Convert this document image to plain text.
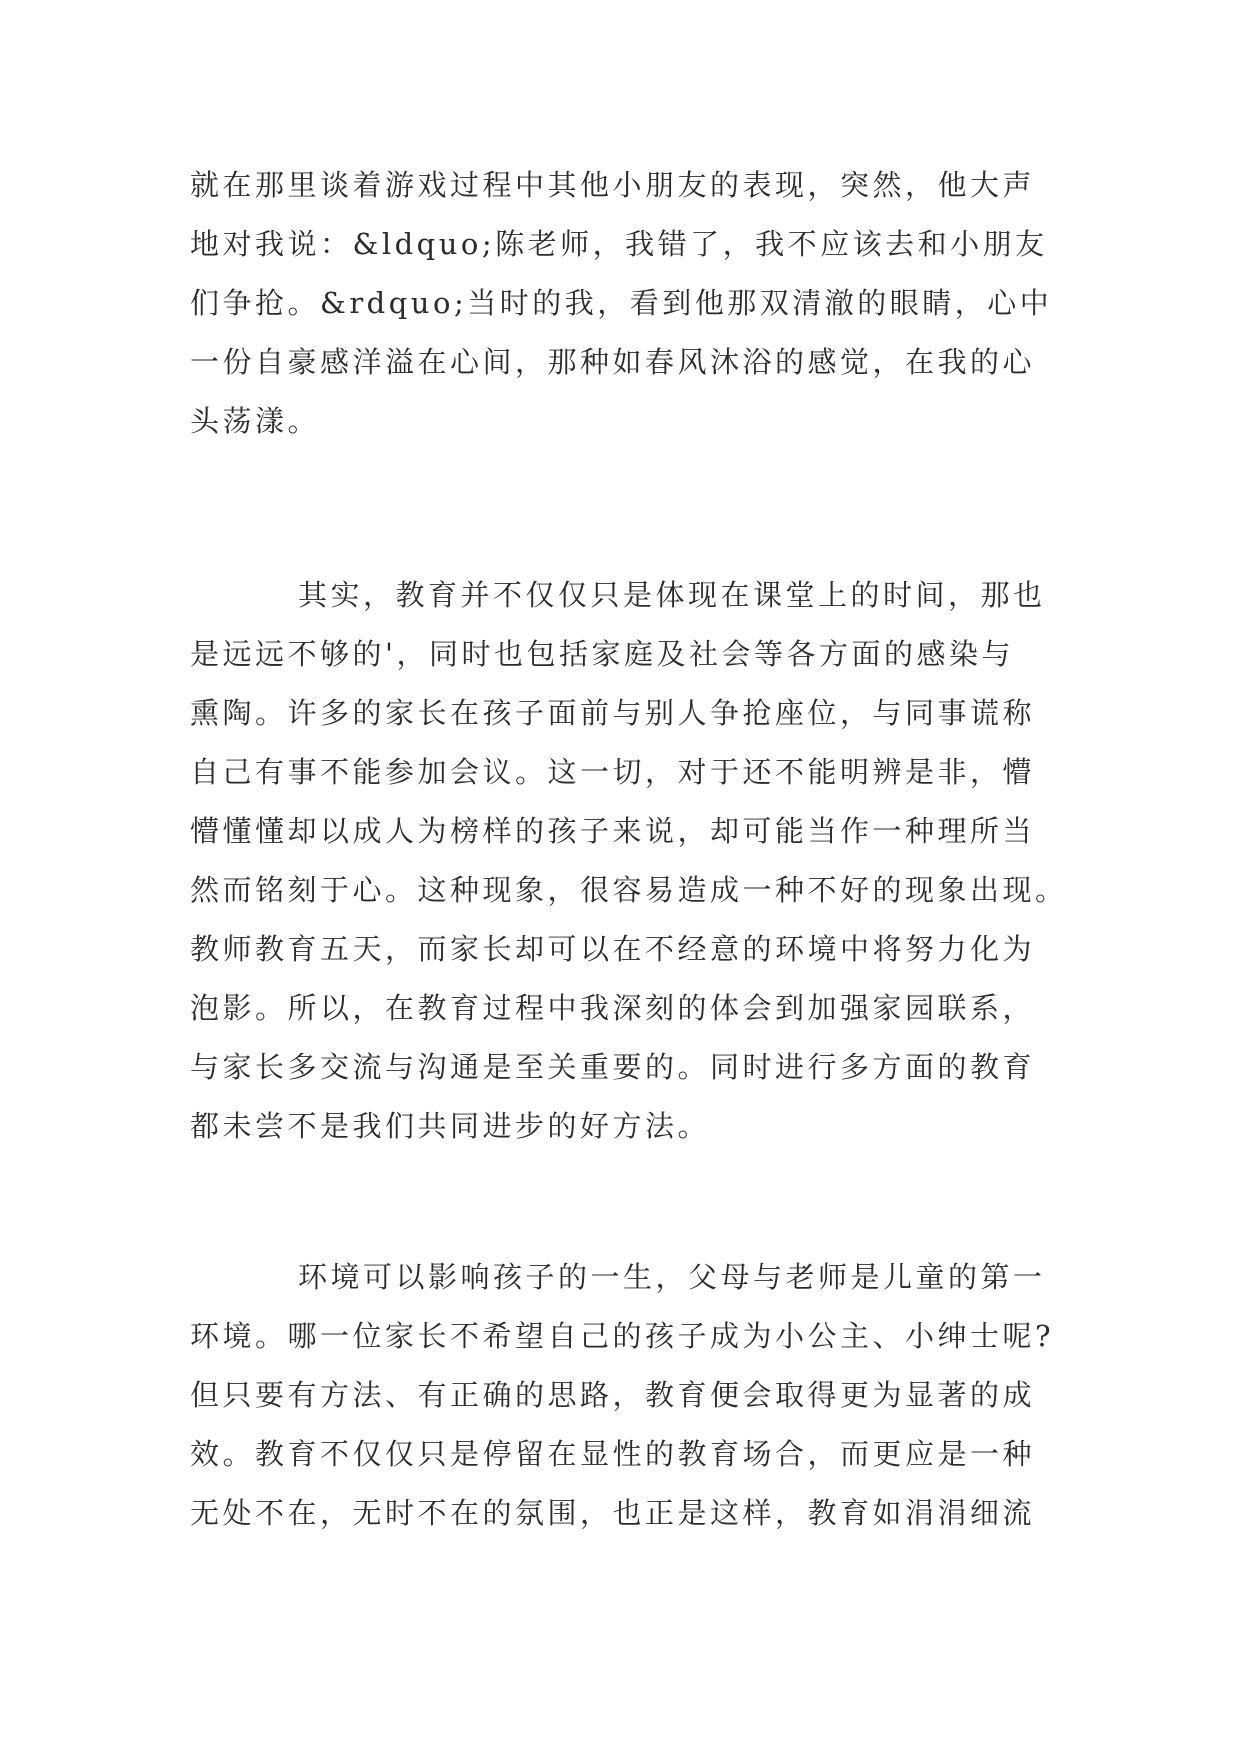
就在那里谈着游戏过程中其他小朋友的表现，突然，他大声
地对我说：&ldquo;陈老师，我错了，我不应该去和小朋友
们争抢。&rdquo;当时的我，看到他那双清澈的眼睛，心中
一份自豪感洋溢在心间，那种如春风沐浴的感觉，在我的心
头荡漾。

其实，教育并不仅仅只是体现在课堂上的时间，那也
是远远不够的'，同时也包括家庭及社会等各方面的感染与
熏陶。许多的家长在孩子面前与别人争抢座位，与同事谎称
自己有事不能参加会议。这一切，对于还不能明辨是非，懵
懵懂懂却以成人为榜样的孩子来说，却可能当作一种理所当
然而铭刻于心。这种现象，很容易造成一种不好的现象出现。
教师教育五天，而家长却可以在不经意的环境中将努力化为
泡影。所以，在教育过程中我深刻的体会到加强家园联系，
与家长多交流与沟通是至关重要的。同时进行多方面的教育
都未尝不是我们共同进步的好方法。

环境可以影响孩子的一生，父母与老师是儿童的第一
环境。哪一位家长不希望自己的孩子成为小公主、小绅士呢?
但只要有方法、有正确的思路，教育便会取得更为显著的成
效。教育不仅仅只是停留在显性的教育场合，而更应是一种
无处不在，无时不在的氛围，也正是这样，教育如涓涓细流
